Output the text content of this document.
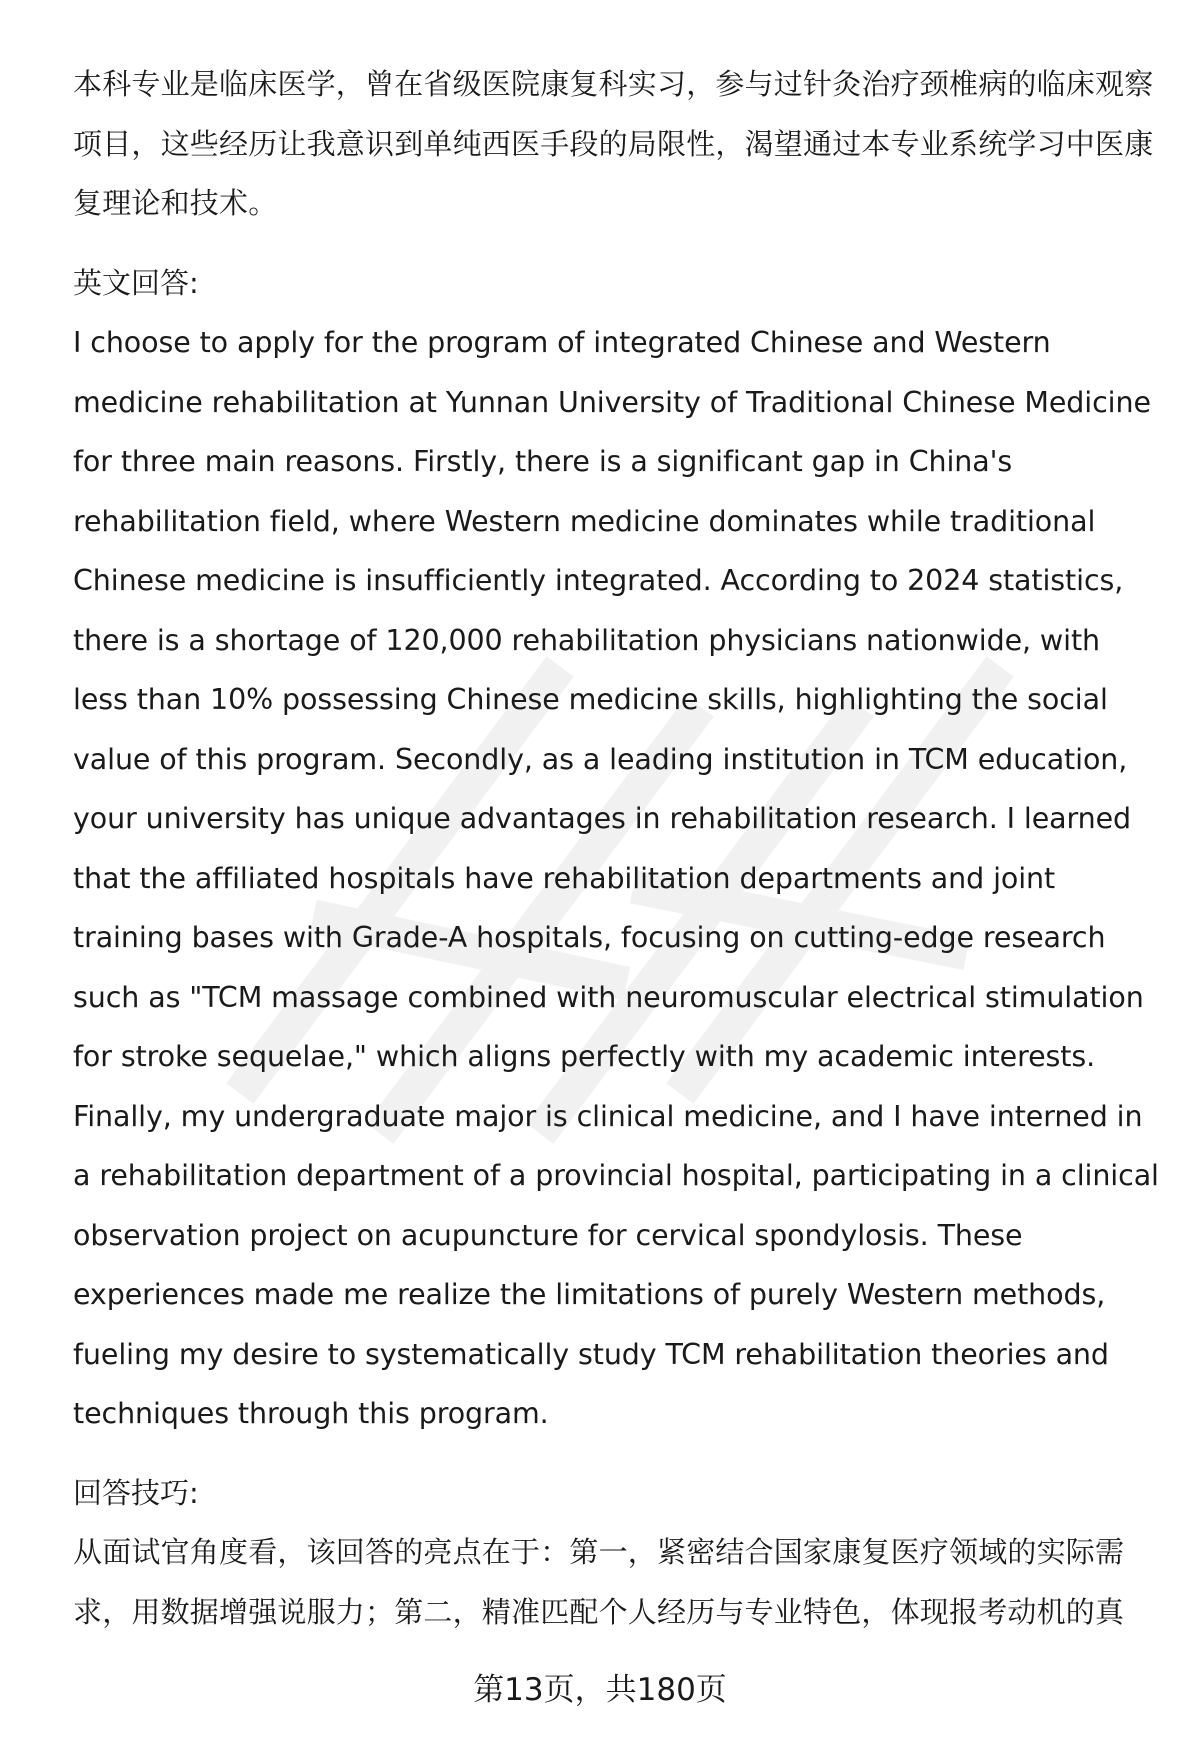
本科专业是临床医学，曾在省级医院康复科实习，参与过针灸治疗颈椎病的临床观察项目，这些经历让我意识到单纯西医手段的局限性，渴望通过本专业系统学习中医康复理论和技术。

英文回答:

I choose to apply for the program of integrated Chinese and Western medicine rehabilitation at Yunnan University of Traditional Chinese Medicine for three main reasons. Firstly, there is a significant gap in China's rehabilitation field, where Western medicine dominates while traditional Chinese medicine is insufficiently integrated. According to 2024 statistics, there is a shortage of 120,000 rehabilitation physicians nationwide, with less than 10% possessing Chinese medicine skills, highlighting the social value of this program. Secondly, as a leading institution in TCM education, your university has unique advantages in rehabilitation research. I learned that the affiliated hospitals have rehabilitation departments and joint training bases with Grade-A hospitals, focusing on cutting-edge research such as "TCM massage combined with neuromuscular electrical stimulation for stroke sequelae," which aligns perfectly with my academic interests. Finally, my undergraduate major is clinical medicine, and I have interned in a rehabilitation department of a provincial hospital, participating in a clinical observation project on acupuncture for cervical spondylosis. These experiences made me realize the limitations of purely Western methods, fueling my desire to systematically study TCM rehabilitation theories and techniques through this program.

回答技巧:

从面试官角度看，该回答的亮点在于：第一，紧密结合国家康复医疗领域的实际需求，用数据增强说服力；第二，精准匹配个人经历与专业特色，体现报考动机的真

第13页，共180页
